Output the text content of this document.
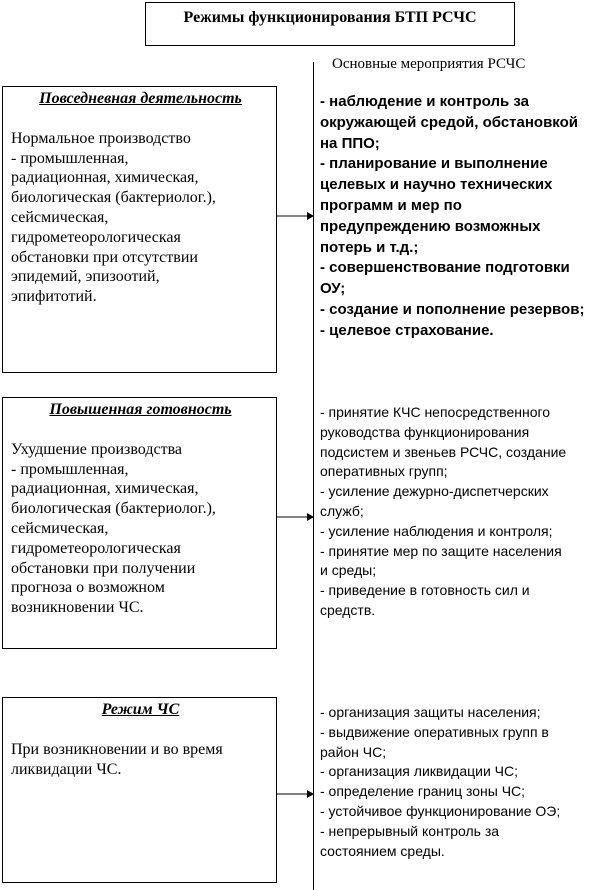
Режимы функционирования БТП РСЧС
Основные мероприятия РСЧС
Повседневная деятельность
Нормальное производство
- промышленная,
радиационная, химическая,
биологическая (бактериолог.),
сейсмическая,
гидрометеорологическая
обстановки при отсутствии
эпидемий, эпизоотий,
эпифитотий.
- наблюдение и контроль за
окружающей средой, обстановкой
на ППО;
- планирование и выполнение
целевых и научно технических
программ и мер по
предупреждению возможных
потерь и т.д.;
- совершенствование подготовки
ОУ;
- создание и пополнение резервов;
- целевое страхование.
Повышенная готовность
Ухудшение производства
- промышленная,
радиационная, химическая,
биологическая (бактериолог.),
сейсмическая,
гидрометеорологическая
обстановки при получении
прогноза о возможном
возникновении ЧС.
- принятие КЧС непосредственного
руководства функционирования
подсистем и звеньев РСЧС, создание
оперативных групп;
- усиление дежурно-диспетчерских
служб;
- усиление наблюдения и контроля;
- принятие мер по защите населения
и среды;
- приведение в готовность сил и
средств.
Режим ЧС
При возникновении и во время
ликвидации ЧС.
- организация защиты населения;
- выдвижение оперативных групп в
район ЧС;
- организация ликвидации ЧС;
- определение границ зоны ЧС;
- устойчивое функционирование ОЭ;
- непрерывный контроль за
состоянием среды.
